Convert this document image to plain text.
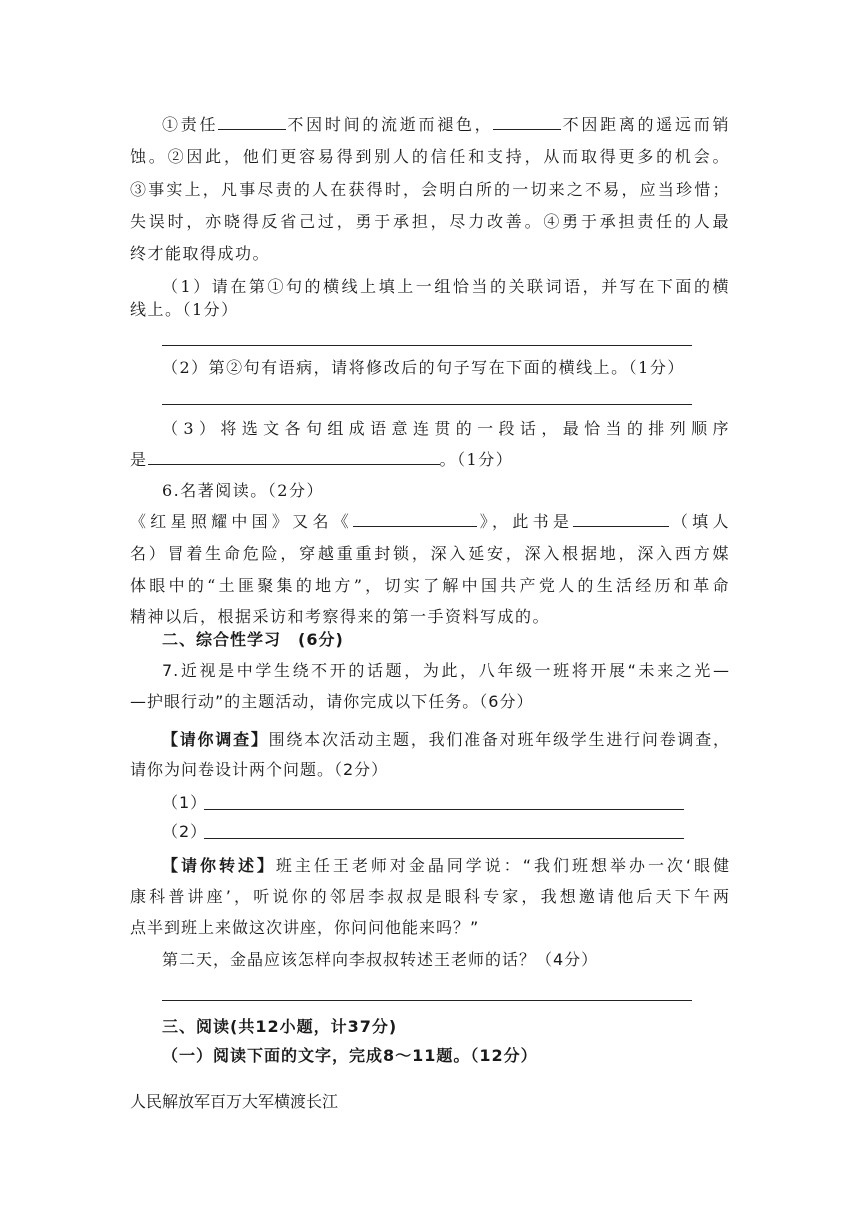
①责任	不因时间的流逝而褪色，	不因距离的遥远而销
蚀。②因此，他们更容易得到别人的信任和支持，从而取得更多的机会。
③事实上，凡事尽责的人在获得时，会明白所的一切来之不易，应当珍惜；
失误时，亦晓得反省己过，勇于承担，尽力改善。④勇于承担责任的人最
终才能取得成功。
（1）请在第①句的横线上填上一组恰当的关联词语，并写在下面的横
线上。（1分）
（2）第②句有语病，请将修改后的句子写在下面的横线上。（1分）
（3）将选文各句组成语意连贯的一段话，最恰当的排列顺序
是	。（1分）
6.名著阅读。（2分）
《红星照耀中国》又名《	》，此书是	（填人
名）冒着生命危险，穿越重重封锁，深入延安，深入根据地，深入西方媒
体眼中的“土匪聚集的地方”，切实了解中国共产党人的生活经历和革命
精神以后，根据采访和考察得来的第一手资料写成的。
二、综合性学习　(6分)
7.近视是中学生绕不开的话题，为此，八年级一班将开展“未来之光—
—护眼行动”的主题活动，请你完成以下任务。（6分）
【请你调查】围绕本次活动主题，我们准备对班年级学生进行问卷调查，
请你为问卷设计两个问题。（2分）
（1）
（2）
【请你转述】班主任王老师对金晶同学说：“我们班想举办一次‘眼健
康科普讲座’，听说你的邻居李叔叔是眼科专家，我想邀请他后天下午两
点半到班上来做这次讲座，你问问他能来吗？”
第二天，金晶应该怎样向李叔叔转述王老师的话？（4分）
三、阅读(共12小题，计37分)
（一）阅读下面的文字，完成8～11题。（12分）
人民解放军百万大军横渡长江
